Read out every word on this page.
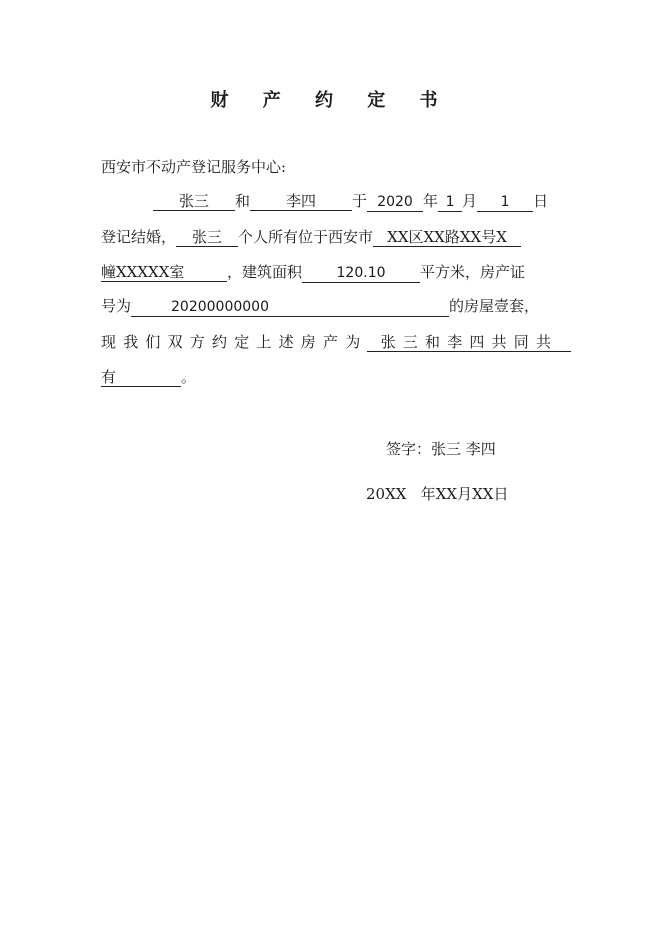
财 产 约 定 书
西安市不动产登记服务中心:
张三 和 李四 于 2020 年 1 月 1 日
登记结婚， 张三 个人所有位于西安市 XX区XX路XX号X
幢XXXXX室	，建筑面积 120.10 平方米，房产证
号为	20200000000	的房屋壹套，
现我们双方约定上述房产为 张三和李四共同共
有	。
签字：张三 李四
20XX   年XX月XX日
